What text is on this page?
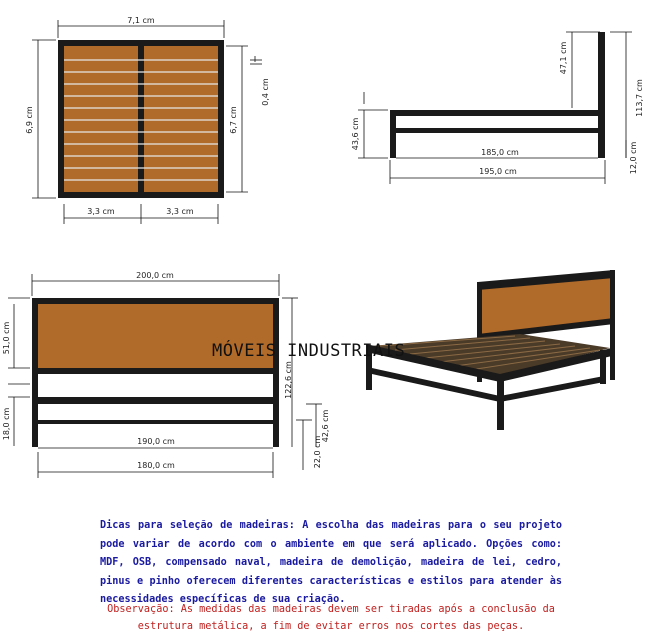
7,1 cm
6,9 cm	6,7 cm
0,4 cm
3,3 cm	3,3 cm
47,1 cm
113,7 cm
43,6 cm
185,0 cm
195,0 cm	12,0 cm
200,0 cm
51,0 cm
18,0 cm
122,6 cm
42,6 cm
190,0 cm	22,0 cm
180,0 cm
MÓVEIS INDUSTRIAIS
Dicas para seleção de madeiras: A escolha das madeiras para o seu projeto pode variar de acordo com o ambiente em que será aplicado. Opções como: MDF, OSB, compensado naval, madeira de demolição, madeira de lei, cedro, pinus e pinho oferecem diferentes características e estilos para atender às necessidades específicas de sua criação.
Observação: As medidas das madeiras devem ser tiradas após a conclusão da estrutura metálica, a fim de evitar erros nos cortes das peças.
